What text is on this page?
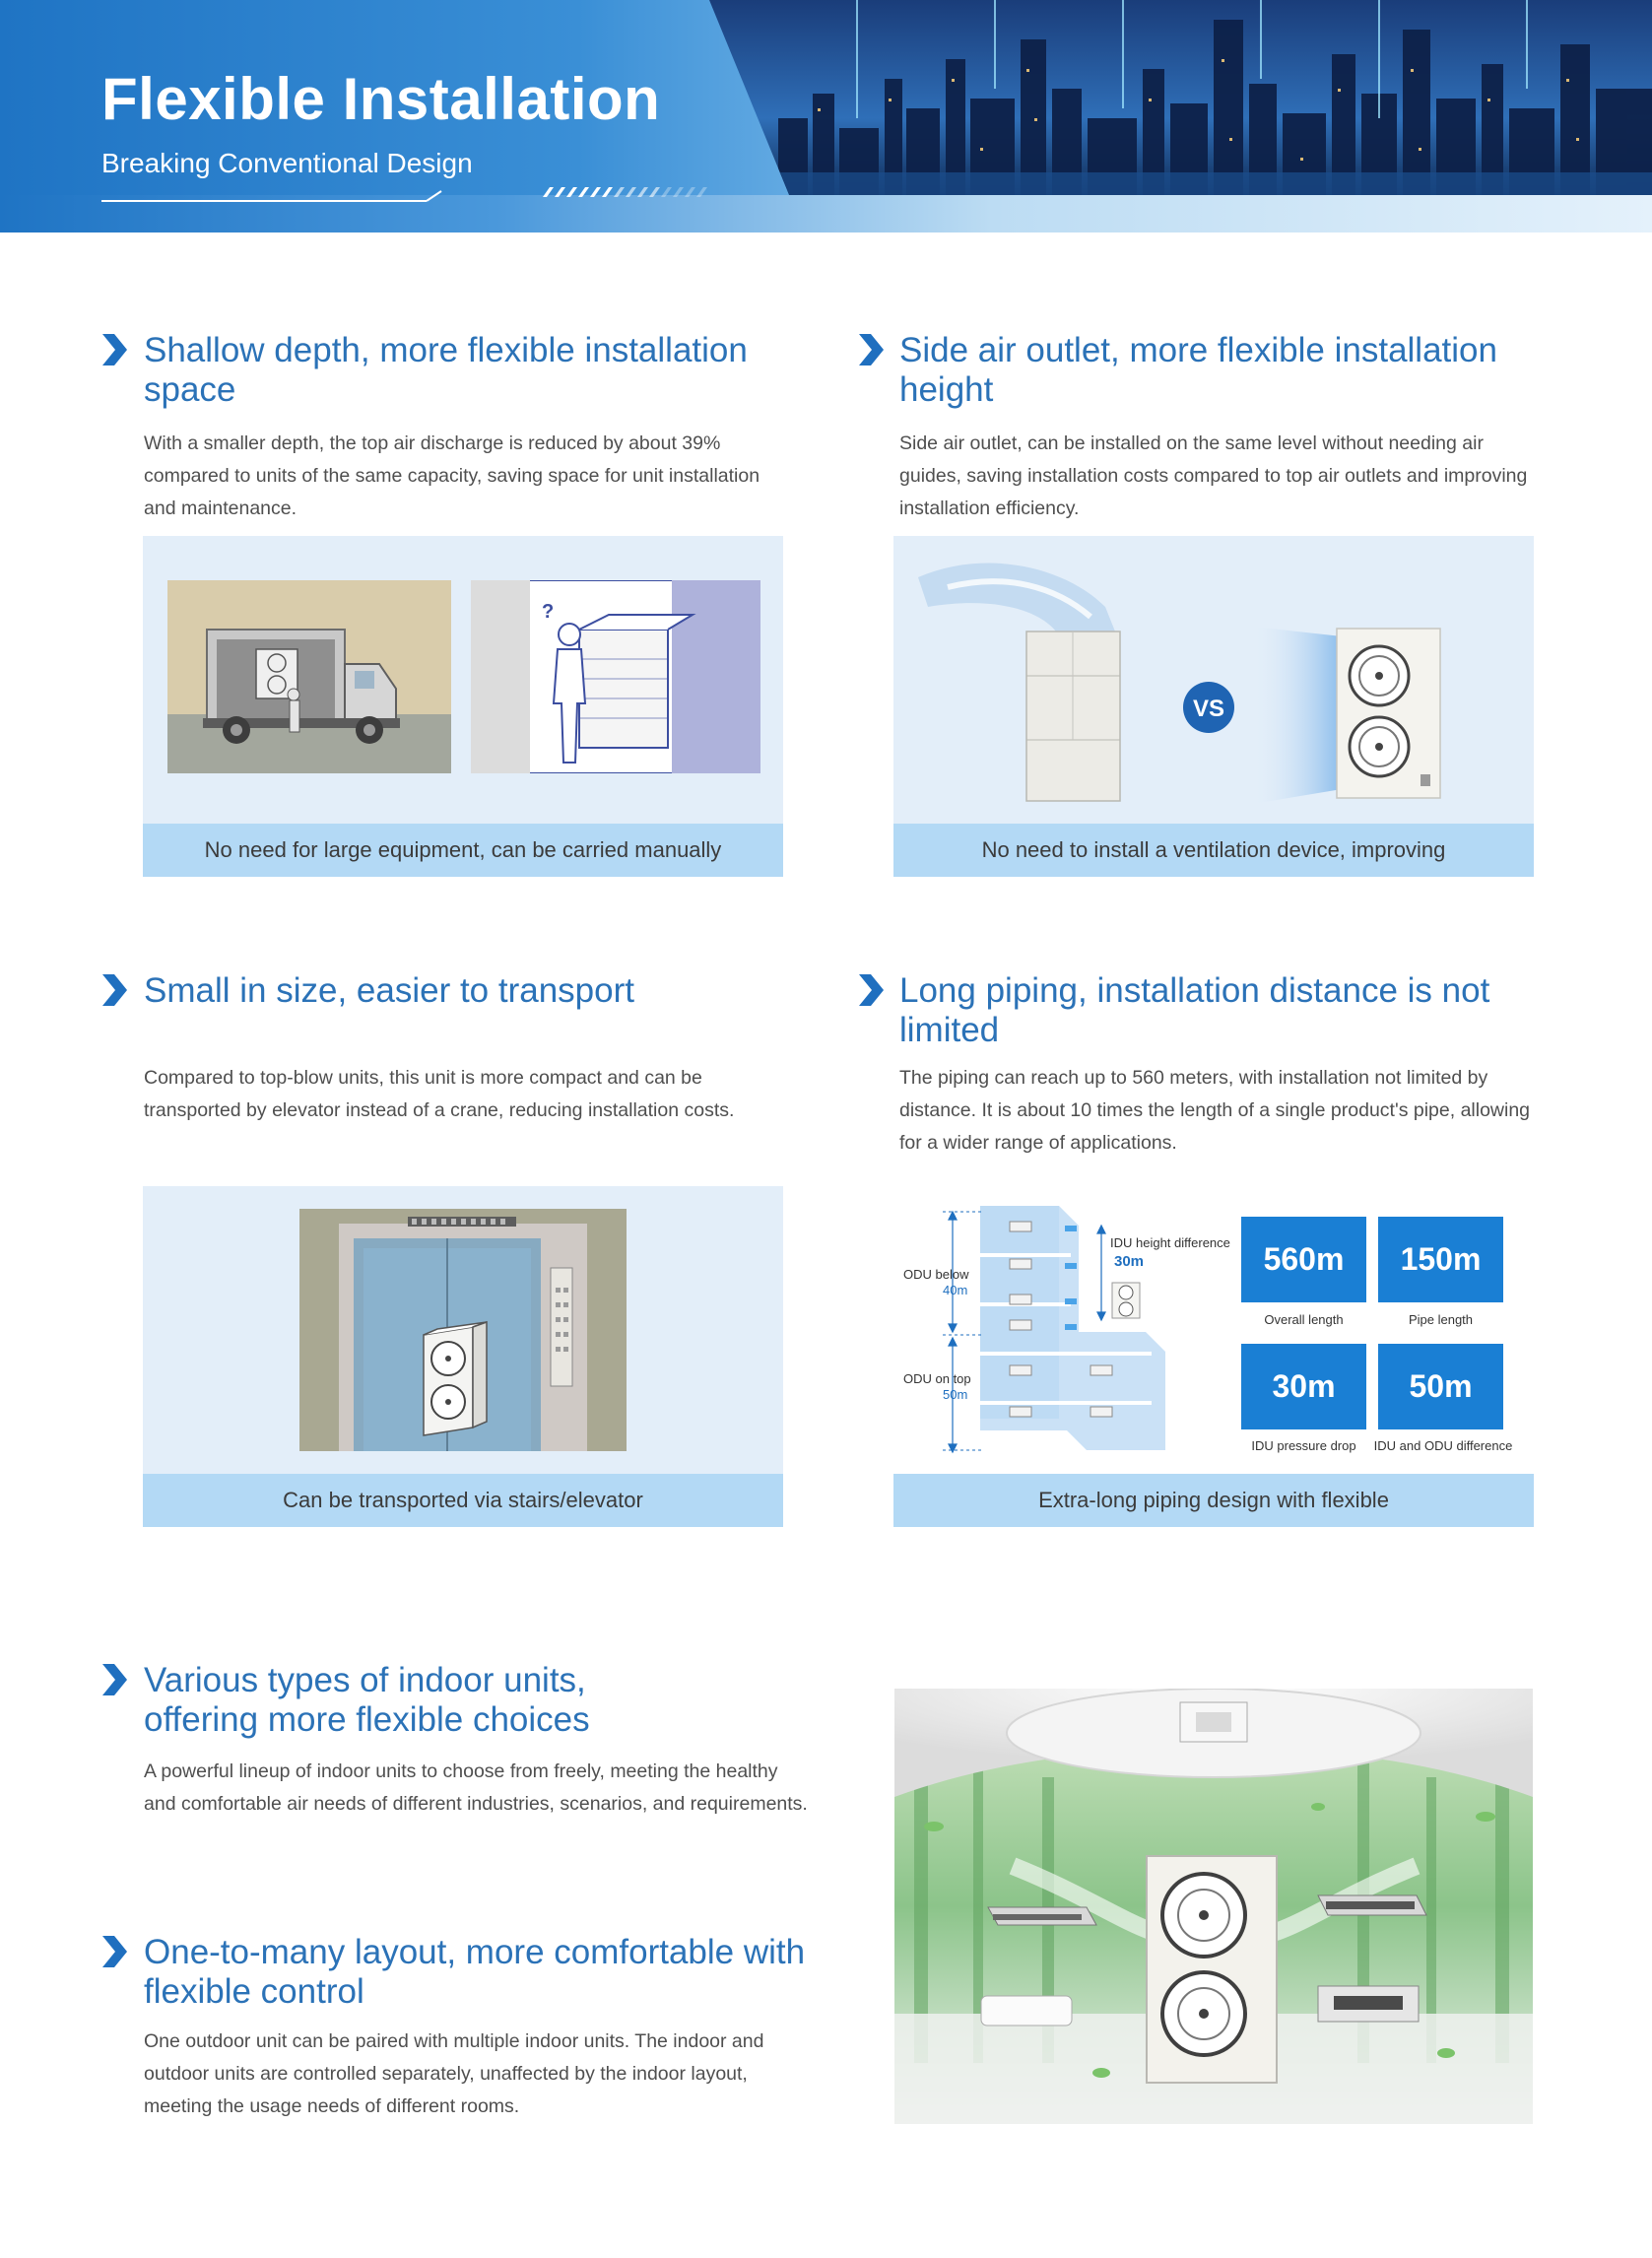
Flexible Installation
Breaking Conventional Design
Shallow depth, more flexible installation space
With a smaller depth, the top air discharge is reduced by about 39% compared to units of the same capacity, saving space for unit installation and maintenance.
?
No need for large equipment, can be carried manually
Side air outlet, more flexible installation height
Side air outlet, can be installed on the same level without needing air guides, saving installation costs compared to top air outlets and improving installation efficiency.
VS
No need to install a ventilation device, improving
Small in size, easier to transport
Compared to top-blow units, this unit is more compact and can be transported by elevator instead of a crane, reducing installation costs.
Can be transported via stairs/elevator
Long piping, installation distance is not limited
The piping can reach up to 560 meters, with installation not limited by distance. It is about 10 times the length of a single product's pipe, allowing for a wider range of applications.
ODU below
40m
ODU on top
50m
IDU height difference
30m	560m
Overall length
150m
Pipe length
30m
IDU pressure drop
50m
IDU and ODU difference
Extra-long piping design with flexible
Various types of indoor units, offering more flexible choices
A powerful lineup of indoor units to choose from freely, meeting the healthy and comfortable air needs of different industries, scenarios, and requirements.
One-to-many layout, more comfortable with flexible control
One outdoor unit can be paired with multiple indoor units. The indoor and outdoor units are controlled separately, unaffected by the indoor layout, meeting the usage needs of different rooms.
